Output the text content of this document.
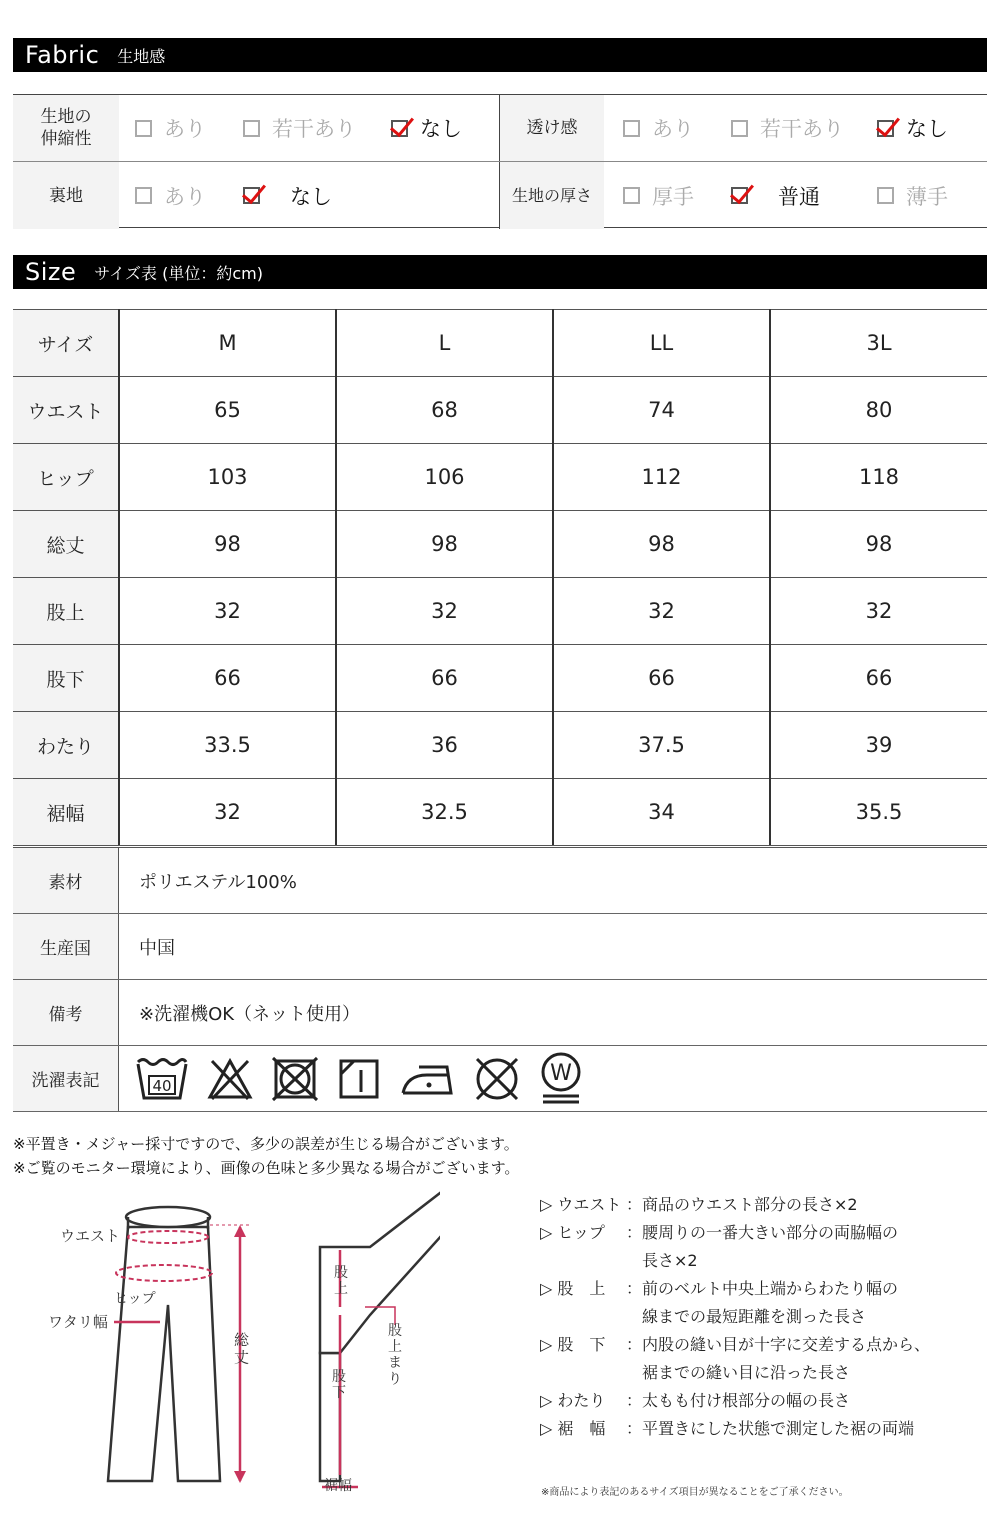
Fabric 生地感
生地の
伸縮性	あり	若干あり	なし	透け感	あり	若干あり	なし
裏地	あり	なし	生地の厚さ	厚手	普通	薄手
Size サイズ表 (単位：約cm)
サイズ	M	L	LL	3L
ウエスト	65	68	74	80
ヒップ	103	106	112	118
総丈	98	98	98	98
股上	32	32	32	32
股下	66	66	66	66
わたり	33.5	36	37.5	39
裾幅	32	32.5	34	35.5
素材	ポリエステル100%
生産国	中国
備考	※洗濯機OK（ネット使用）
洗濯表記	40	W
※平置き・メジャー採寸ですので、多少の誤差が生じる場合がございます。
※ご覧のモニター環境により、画像の色味と多少異なる場合がございます。
ウエスト
ヒップ
ワタリ幅
総丈
股上
股下
裾幅
股上まり
▷ ウエスト ：商品のウエスト部分の長さ×2
▷ ヒップ ：腰周りの一番大きい部分の両脇幅の
　長さ×2
▷ 股　上 ：前のベルト中央上端からわたり幅の
　線までの最短距離を測った長さ
▷ 股　下 ：内股の縫い目が十字に交差する点から、
　裾までの縫い目に沿った長さ
▷ わたり ：太もも付け根部分の幅の長さ
▷ 裾　幅 ：平置きにした状態で測定した裾の両端
※商品により表記のあるサイズ項目が異なることをご了承ください。
